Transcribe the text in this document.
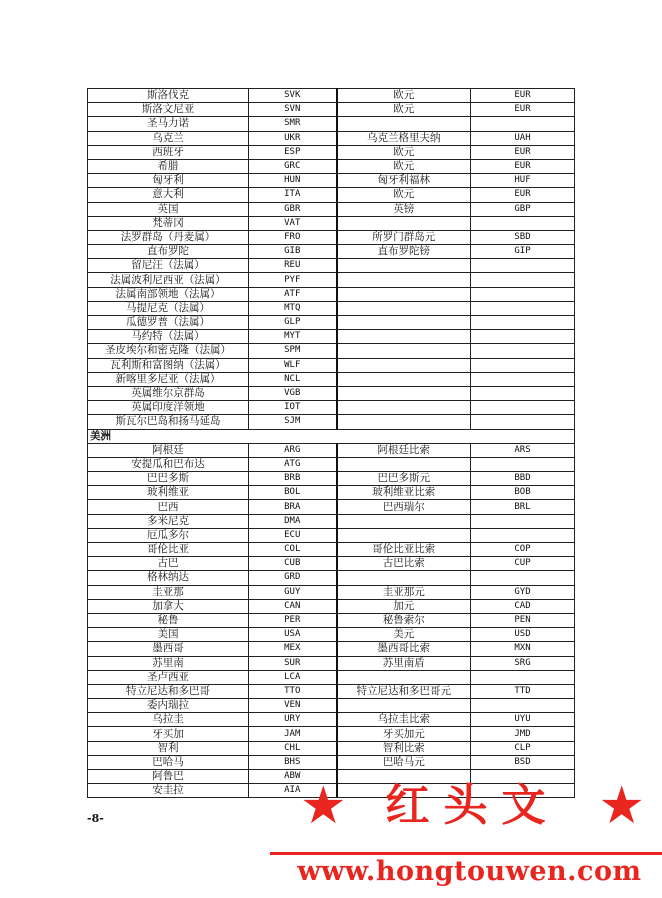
斯洛伐克	SVK	欧元	EUR
斯洛文尼亚	SVN	欧元	EUR
圣马力诺	SMR		
乌克兰	UKR	乌克兰格里夫纳	UAH
西班牙	ESP	欧元	EUR
希腊	GRC	欧元	EUR
匈牙利	HUN	匈牙利福林	HUF
意大利	ITA	欧元	EUR
英国	GBR	英镑	GBP
梵蒂冈	VAT		
法罗群岛（丹麦属）	FRO	所罗门群岛元	SBD
直布罗陀	GIB	直布罗陀镑	GIP
留尼汪（法属）	REU		
法属波利尼西亚（法属）	PYF		
法属南部领地（法属）	ATF		
马提尼克（法属）	MTQ		
瓜德罗普（法属）	GLP		
马约特（法属）	MYT		
圣皮埃尔和密克隆（法属）	SPM		
瓦利斯和富图纳（法属）	WLF		
新喀里多尼亚（法属）	NCL		
英属维尔京群岛	VGB		
英属印度洋领地	IOT		
斯瓦尔巴岛和扬马延岛	SJM		
美洲			
阿根廷	ARG	阿根廷比索	ARS
安提瓜和巴布达	ATG		
巴巴多斯	BRB	巴巴多斯元	BBD
玻利维亚	BOL	玻利维亚比索	BOB
巴西	BRA	巴西瑞尔	BRL
多米尼克	DMA		
厄瓜多尔	ECU		
哥伦比亚	COL	哥伦比亚比索	COP
古巴	CUB	古巴比索	CUP
格林纳达	GRD		
圭亚那	GUY	圭亚那元	GYD
加拿大	CAN	加元	CAD
秘鲁	PER	秘鲁索尔	PEN
美国	USA	美元	USD
墨西哥	MEX	墨西哥比索	MXN
苏里南	SUR	苏里南盾	SRG
圣卢西亚	LCA		
特立尼达和多巴哥	TTO	特立尼达和多巴哥元	TTD
委内瑞拉	VEN		
乌拉圭	URY	乌拉圭比索	UYU
牙买加	JAM	牙买加元	JMD
智利	CHL	智利比索	CLP
巴哈马	BHS	巴哈马元	BSD
阿鲁巴	ABW		
安圭拉	AIA		
-8-	★ 红头文 ★
www.hongtouwen.com
